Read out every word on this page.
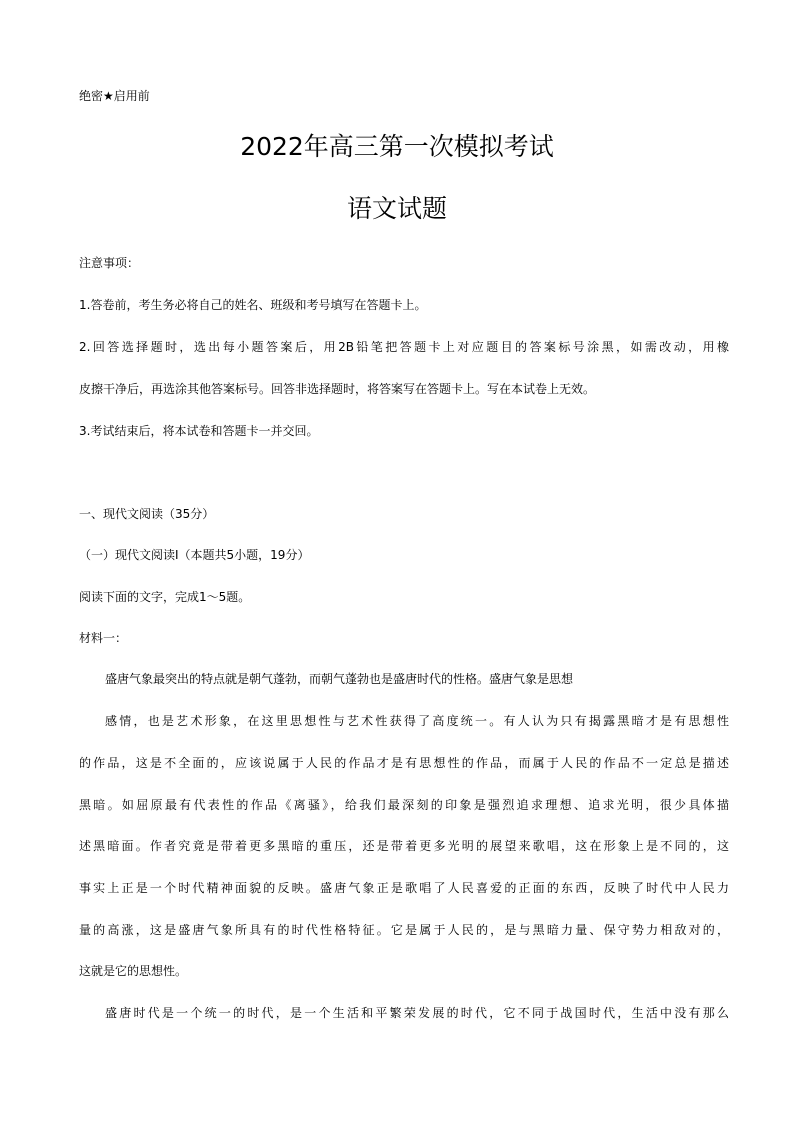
绝密★启用前
2022年高三第一次模拟考试
语文试题
注意事项：
1.答卷前，考生务必将自己的姓名、班级和考号填写在答题卡上。
2.回答选择题时，选出每小题答案后，用2B铅笔把答题卡上对应题目的答案标号涂黑，如需改动，用橡
皮擦干净后，再选涂其他答案标号。回答非选择题时，将答案写在答题卡上。写在本试卷上无效。
3.考试结束后，将本试卷和答题卡一并交回。
一、现代文阅读（35分）
（一）现代文阅读Ⅰ（本题共5小题，19分）
阅读下面的文字，完成1～5题。
材料一：
盛唐气象最突出的特点就是朝气蓬勃，而朝气蓬勃也是盛唐时代的性格。盛唐气象是思想
感情，也是艺术形象，在这里思想性与艺术性获得了高度统一。有人认为只有揭露黑暗才是有思想性
的作品，这是不全面的，应该说属于人民的作品才是有思想性的作品，而属于人民的作品不一定总是描述
黑暗。如屈原最有代表性的作品《离骚》，给我们最深刻的印象是强烈追求理想、追求光明，很少具体描
述黑暗面。作者究竟是带着更多黑暗的重压，还是带着更多光明的展望来歌唱，这在形象上是不同的，这
事实上正是一个时代精神面貌的反映。盛唐气象正是歌唱了人民喜爱的正面的东西，反映了时代中人民力
量的高涨，这是盛唐气象所具有的时代性格特征。它是属于人民的，是与黑暗力量、保守势力相敌对的，
这就是它的思想性。
盛唐时代是一个统一的时代，是一个生活和平繁荣发展的时代，它不同于战国时代，生活中没有那么
